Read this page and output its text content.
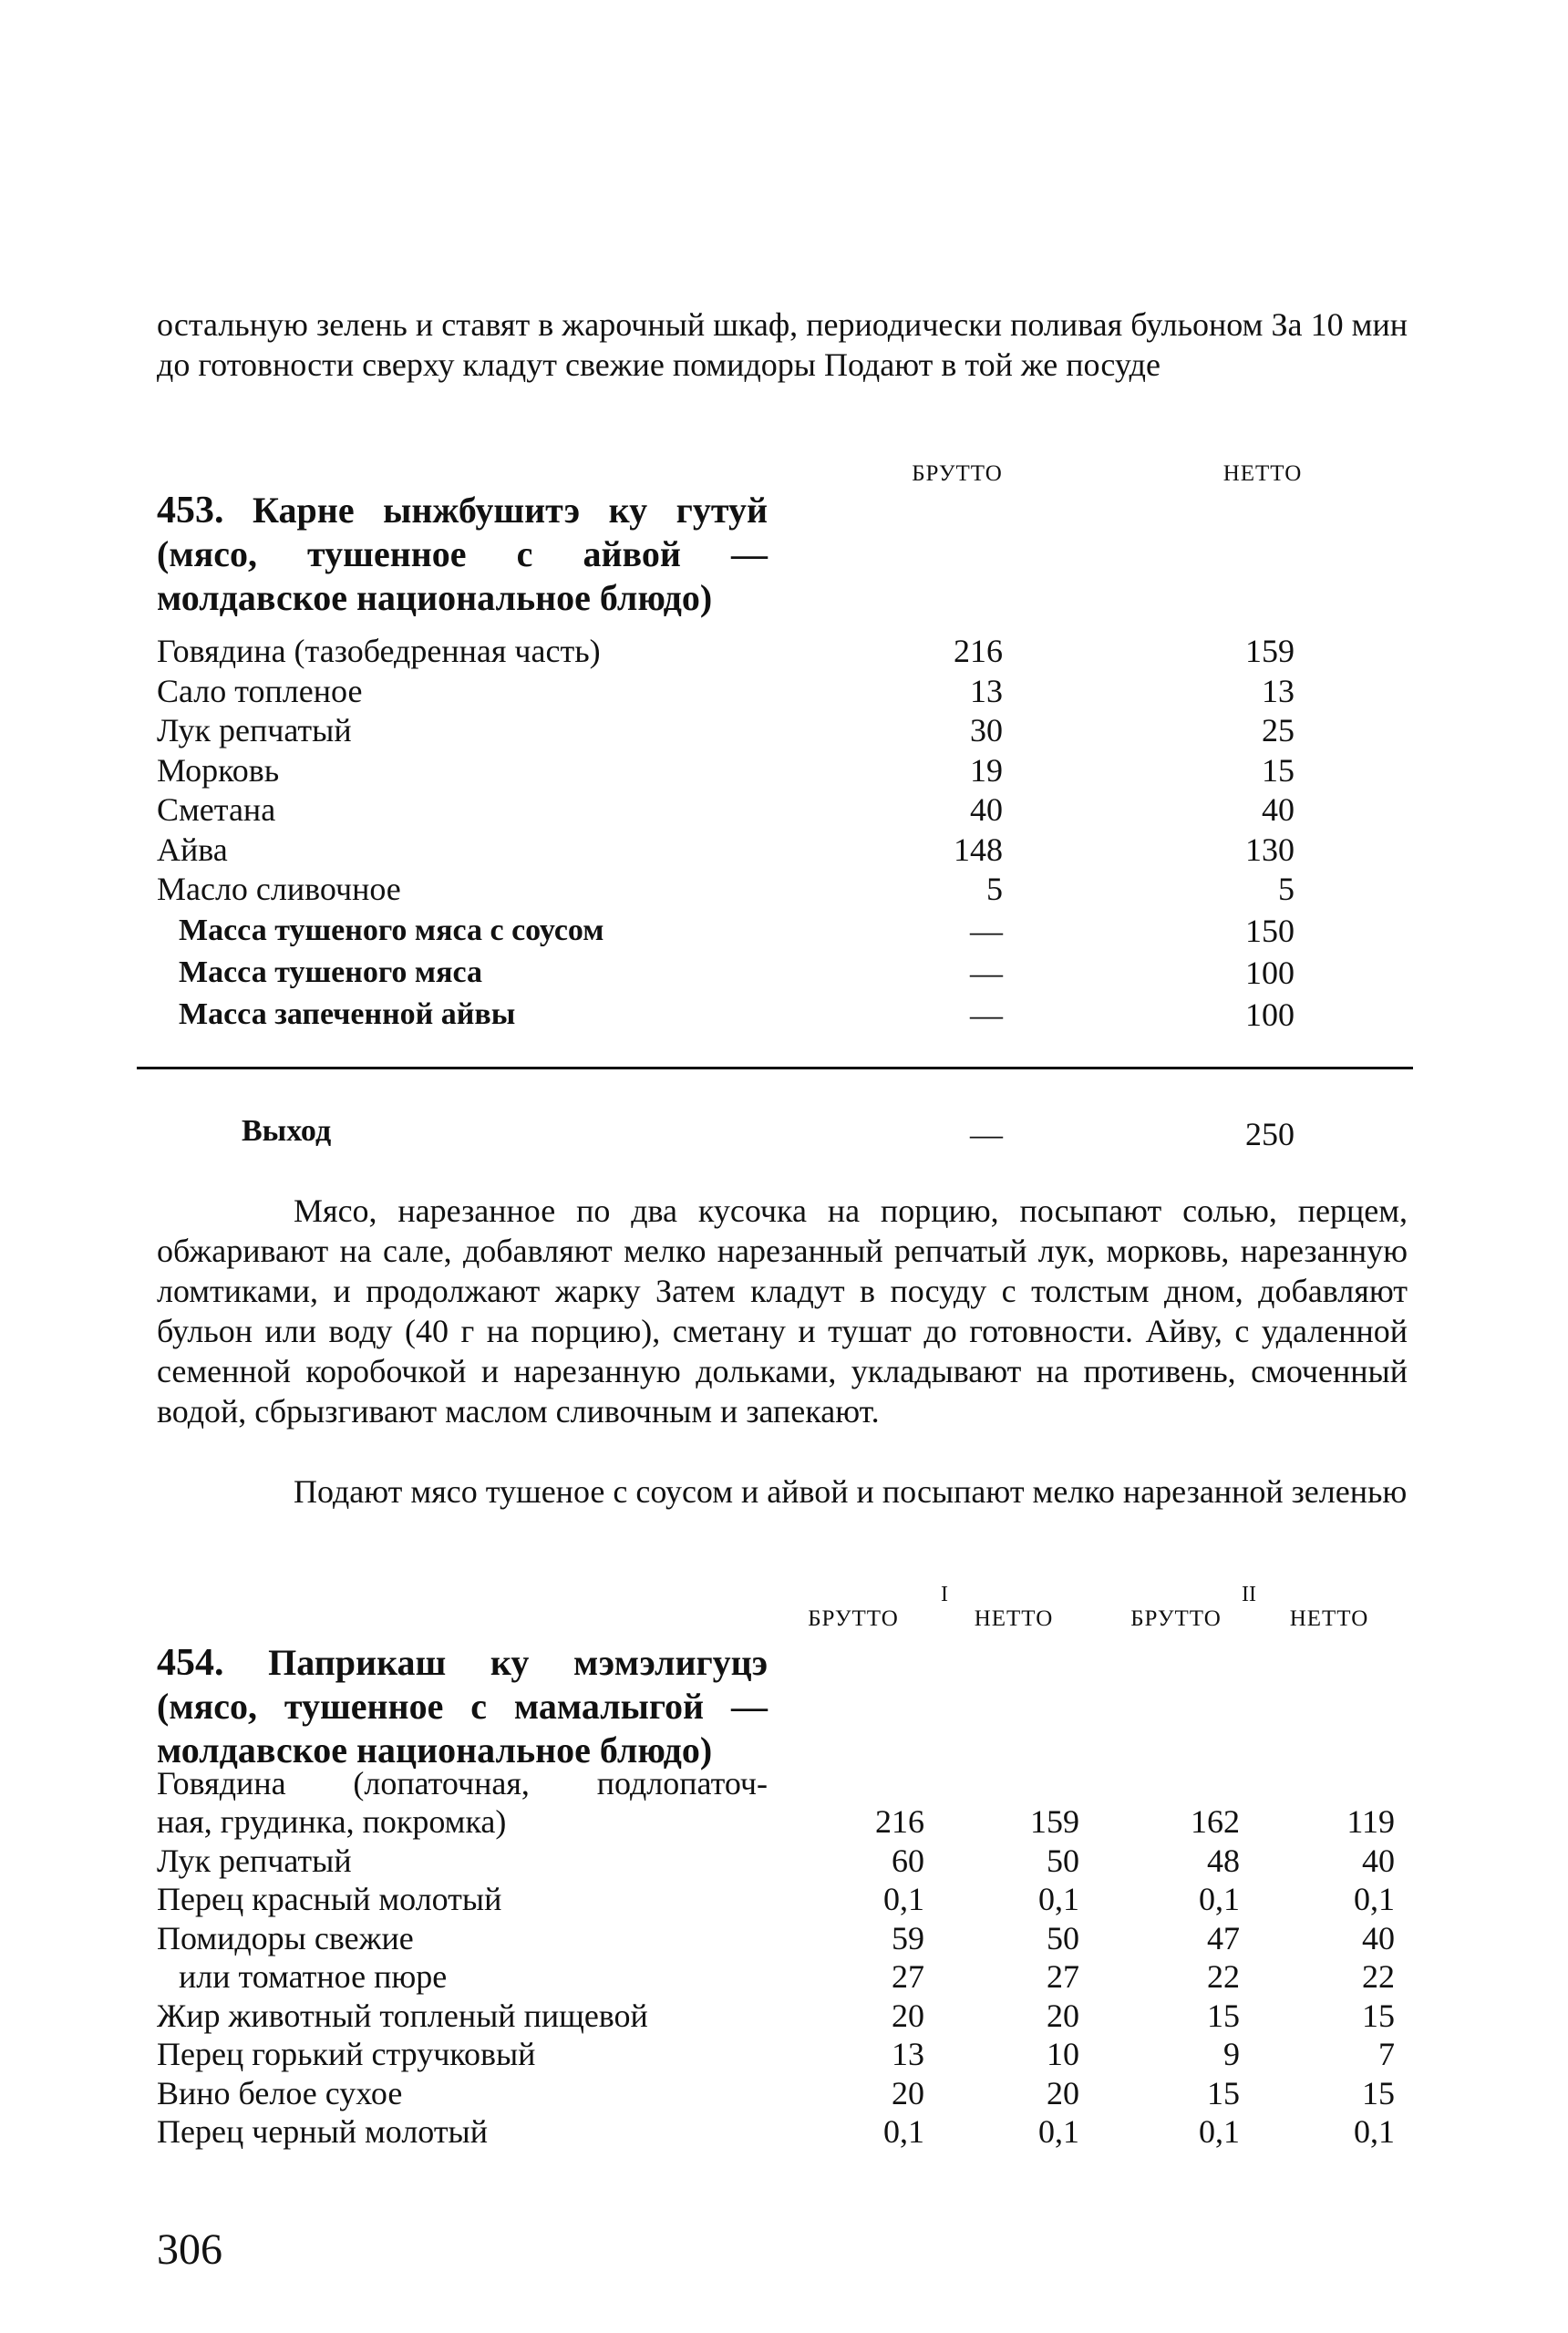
остальную зелень и ставят в жарочный шкаф, периодически поливая бульоном За 10 мин до готовности сверху кладут свежие помидоры Подают в той же посуде

БРУТТО	НЕТТО

453. Карне ынжбушитэ ку гутуй (мясо, тушенное с айвой — молдавское национальное блюдо)

Говядина (тазобедренная часть)	216	159
Сало топленое	13	13
Лук репчатый	30	25
Морковь	19	15
Сметана	40	40
Айва	148	130
Масло сливочное	5	5
Масса тушеного мяса с соусом	—	150
Масса тушеного мяса	—	100
Масса запеченной айвы	—	100
Выход	—	250

Мясо, нарезанное по два кусочка на порцию, посыпают солью, перцем, обжаривают на сале, добавляют мелко нарезанный репчатый лук, морковь, нарезанную ломтиками, и продолжают жарку Затем кладут в посуду с толстым дном, добавляют бульон или воду (40 г на порцию), сметану и тушат до готовности. Айву, с удаленной семенной коробочкой и нарезанную дольками, укладывают на противень, смоченный водой, сбрызгивают маслом сливочным и запекают.

Подают мясо тушеное с соусом и айвой и посыпают мелко нарезанной зеленью

I	II
БРУТТО	НЕТТО	БРУТТО	НЕТТО

454. Паприкаш ку мэмэлигуцэ (мясо, тушенное с мамалыгой — молдавское национальное блюдо)

Говядина (лопаточная, подлопаточ-
ная, грудинка, покромка)	216	159	162	119
Лук репчатый	60	50	48	40
Перец красный молотый	0,1	0,1	0,1	0,1
Помидоры свежие	59	50	47	40
или томатное пюре	27	27	22	22
Жир животный топленый пищевой	20	20	15	15
Перец горький стручковый	13	10	9	7
Вино белое сухое	20	20	15	15
Перец черный молотый	0,1	0,1	0,1	0,1
306
